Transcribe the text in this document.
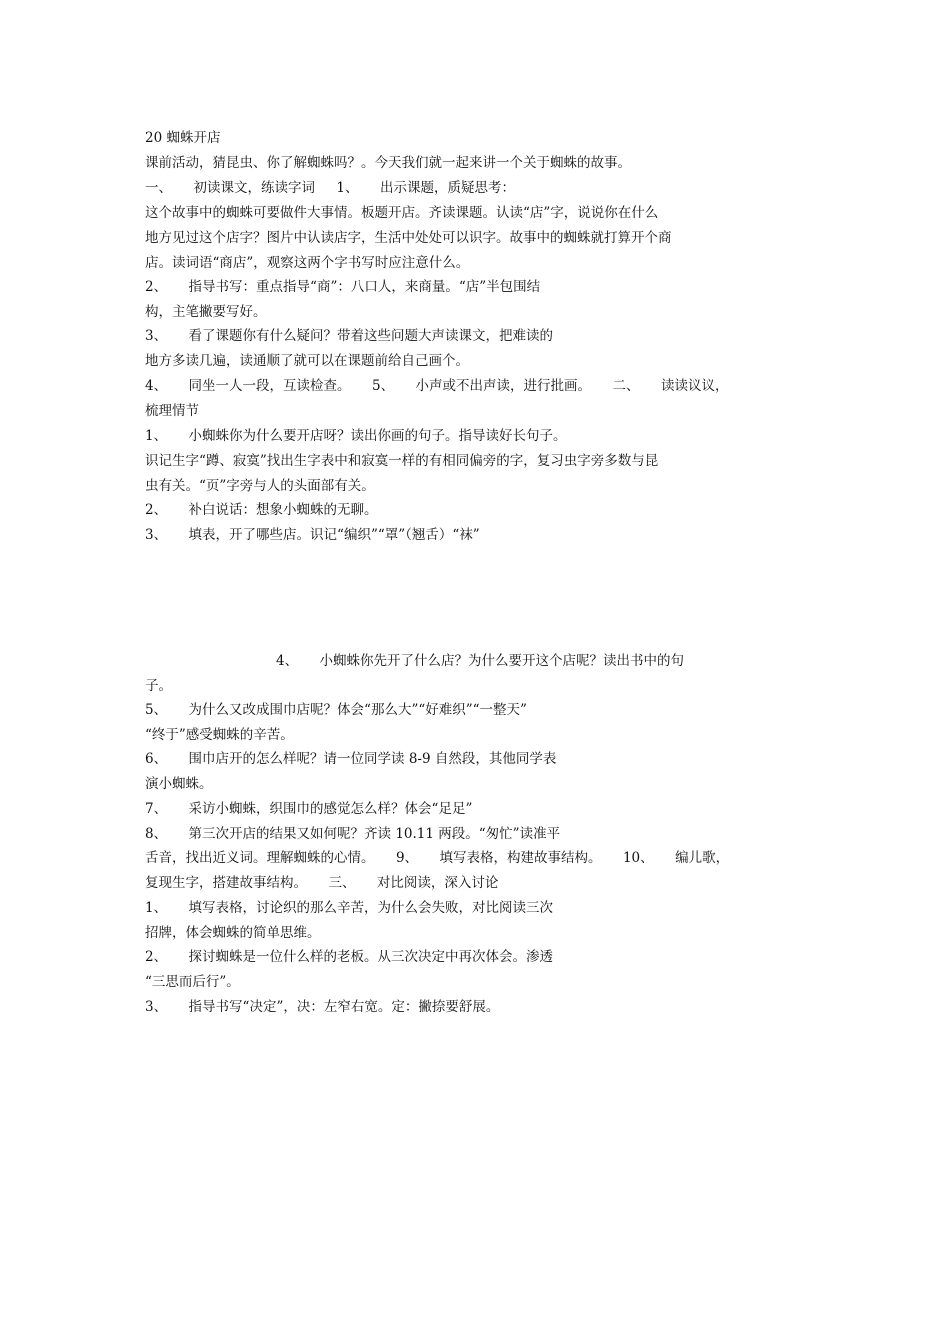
20 蜘蛛开店
课前活动，猜昆虫、你了解蜘蛛吗？。今天我们就一起来讲一个关于蜘蛛的故事。
一、     初读课文，练读字词     1、     出示课题，质疑思考：
这个故事中的蜘蛛可要做件大事情。板题开店。齐读课题。认读“店”字，说说你在什么
地方见过这个店字？图片中认读店字，生活中处处可以识字。故事中的蜘蛛就打算开个商
店。读词语“商店”，观察这两个字书写时应注意什么。
2、     指导书写：重点指导“商”：八口人，来商量。“店”半包围结
构，主笔撇要写好。
3、     看了课题你有什么疑问？带着这些问题大声读课文，把难读的
地方多读几遍，读通顺了就可以在课题前给自己画个。
4、     同坐一人一段，互读检查。     5、     小声或不出声读，进行批画。     二、     读读议议，
梳理情节
1、     小蜘蛛你为什么要开店呀？读出你画的句子。指导读好长句子。
识记生字“蹲、寂寞”找出生字表中和寂寞一样的有相同偏旁的字，复习虫字旁多数与昆
虫有关。“页”字旁与人的头面部有关。
2、     补白说话：想象小蜘蛛的无聊。
3、     填表，开了哪些店。识记“编织”“罩”（翘舌）“袜”
4、     小蜘蛛你先开了什么店？为什么要开这个店呢？读出书中的句
子。
5、     为什么又改成围巾店呢？体会“那么大”“好难织”“一整天”
“终于”感受蜘蛛的辛苦。
6、     围巾店开的怎么样呢？请一位同学读 8-9 自然段，其他同学表
演小蜘蛛。
7、     采访小蜘蛛，织围巾的感觉怎么样？体会“足足”
8、     第三次开店的结果又如何呢？齐读 10.11 两段。“匆忙”读准平
舌音，找出近义词。理解蜘蛛的心情。     9、     填写表格，构建故事结构。     10、     编儿歌，
复现生字，搭建故事结构。     三、     对比阅读，深入讨论
1、     填写表格，讨论织的那么辛苦，为什么会失败，对比阅读三次
招牌，体会蜘蛛的简单思维。
2、     探讨蜘蛛是一位什么样的老板。从三次决定中再次体会。渗透
“三思而后行”。
3、     指导书写“决定”，决：左窄右宽。定：撇捺要舒展。
